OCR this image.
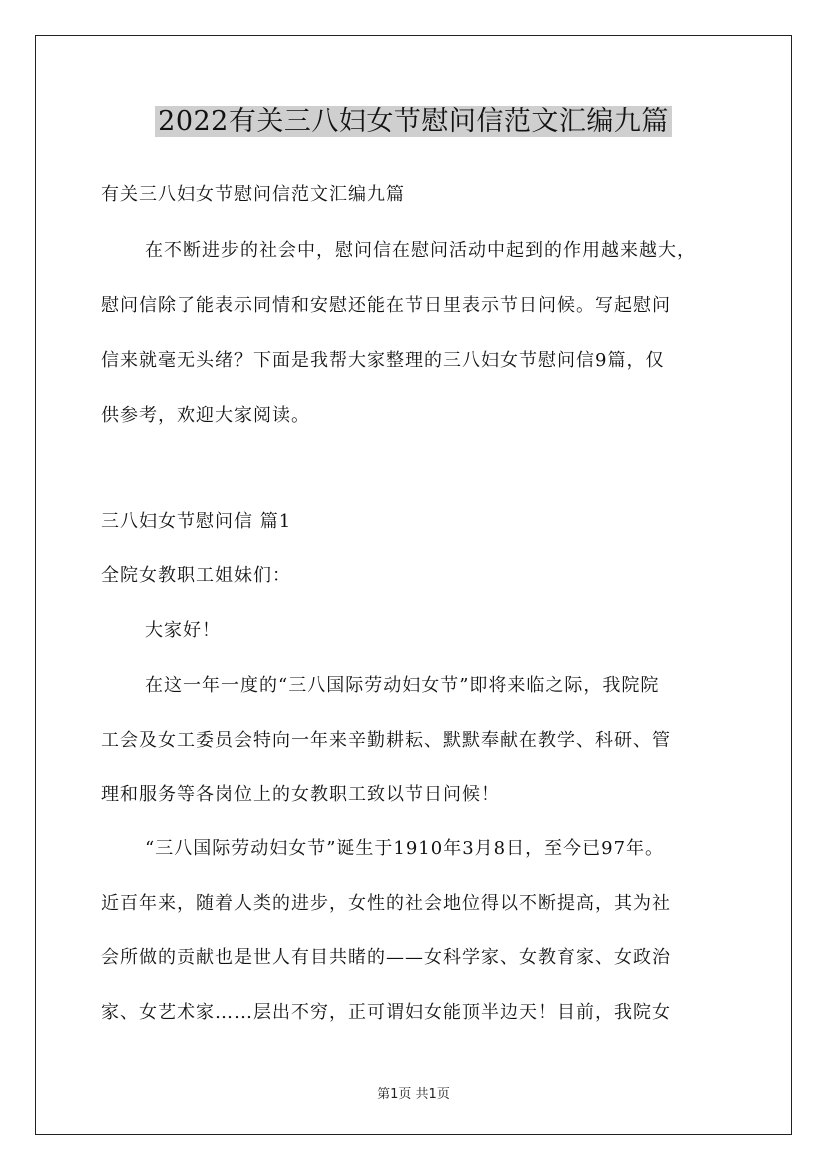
2022有关三八妇女节慰问信范文汇编九篇
有关三八妇女节慰问信范文汇编九篇
在不断进步的社会中，慰问信在慰问活动中起到的作用越来越大，
慰问信除了能表示同情和安慰还能在节日里表示节日问候。写起慰问
信来就毫无头绪？下面是我帮大家整理的三八妇女节慰问信9篇，仅
供参考，欢迎大家阅读。
三八妇女节慰问信 篇1
全院女教职工姐妹们：
大家好！
在这一年一度的“三八国际劳动妇女节”即将来临之际，我院院
工会及女工委员会特向一年来辛勤耕耘、默默奉献在教学、科研、管
理和服务等各岗位上的女教职工致以节日问候！
“三八国际劳动妇女节”诞生于1910年3月8日，至今已97年。
近百年来，随着人类的进步，女性的社会地位得以不断提高，其为社
会所做的贡献也是世人有目共睹的——女科学家、女教育家、女政治
家、女艺术家……层出不穷，正可谓妇女能顶半边天！目前，我院女
第1页 共1页
